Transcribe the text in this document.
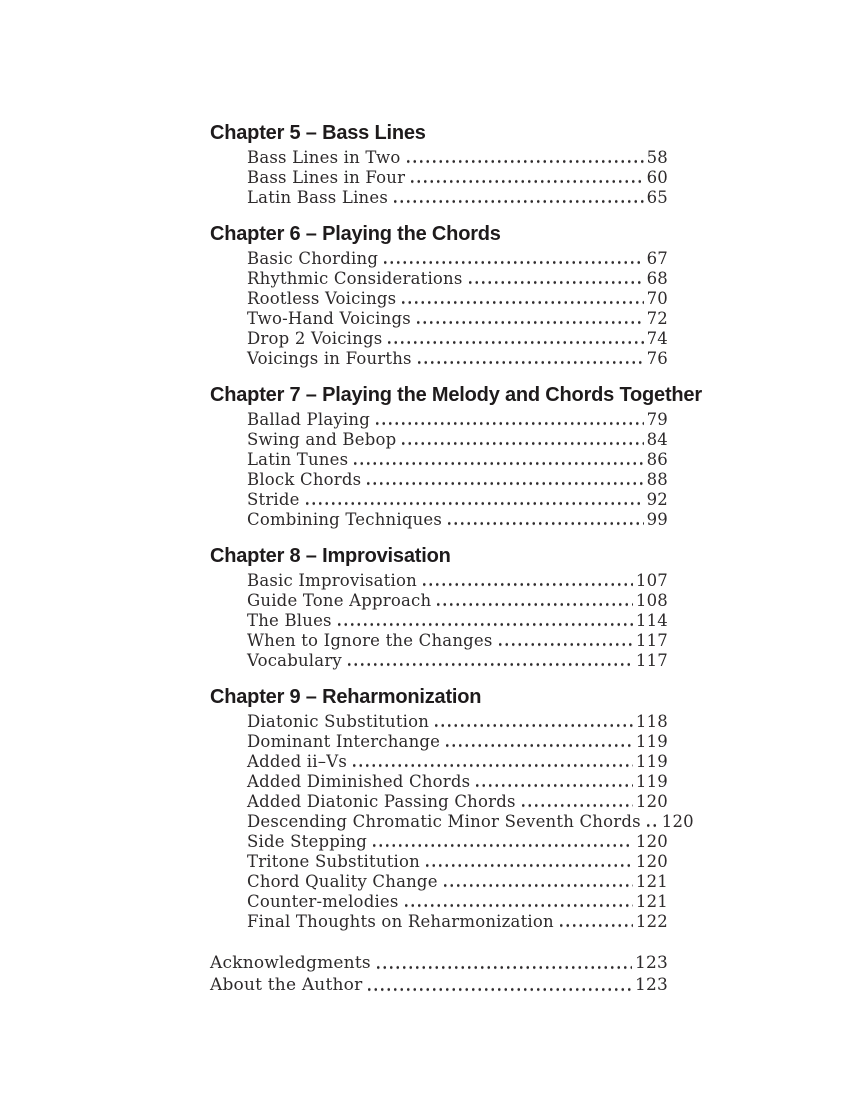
Chapter 5 – Bass Lines
Bass Lines in Two	58
Bass Lines in Four	60
Latin Bass Lines	65
Chapter 6 – Playing the Chords
Basic Chording	67
Rhythmic Considerations	68
Rootless Voicings	70
Two-Hand Voicings	72
Drop 2 Voicings	74
Voicings in Fourths	76
Chapter 7 – Playing the Melody and Chords Together
Ballad Playing	79
Swing and Bebop	84
Latin Tunes	86
Block Chords	88
Stride	92
Combining Techniques	99
Chapter 8 – Improvisation
Basic Improvisation	107
Guide Tone Approach	108
The Blues	114
When to Ignore the Changes	117
Vocabulary	117
Chapter 9 – Reharmonization
Diatonic Substitution	118
Dominant Interchange	119
Added ii–Vs	119
Added Diminished Chords	119
Added Diatonic Passing Chords	120
Descending Chromatic Minor Seventh Chords 120
Side Stepping	120
Tritone Substitution	120
Chord Quality Change	121
Counter-melodies	121
Final Thoughts on Reharmonization	122
Acknowledgments	123
About the Author	123
